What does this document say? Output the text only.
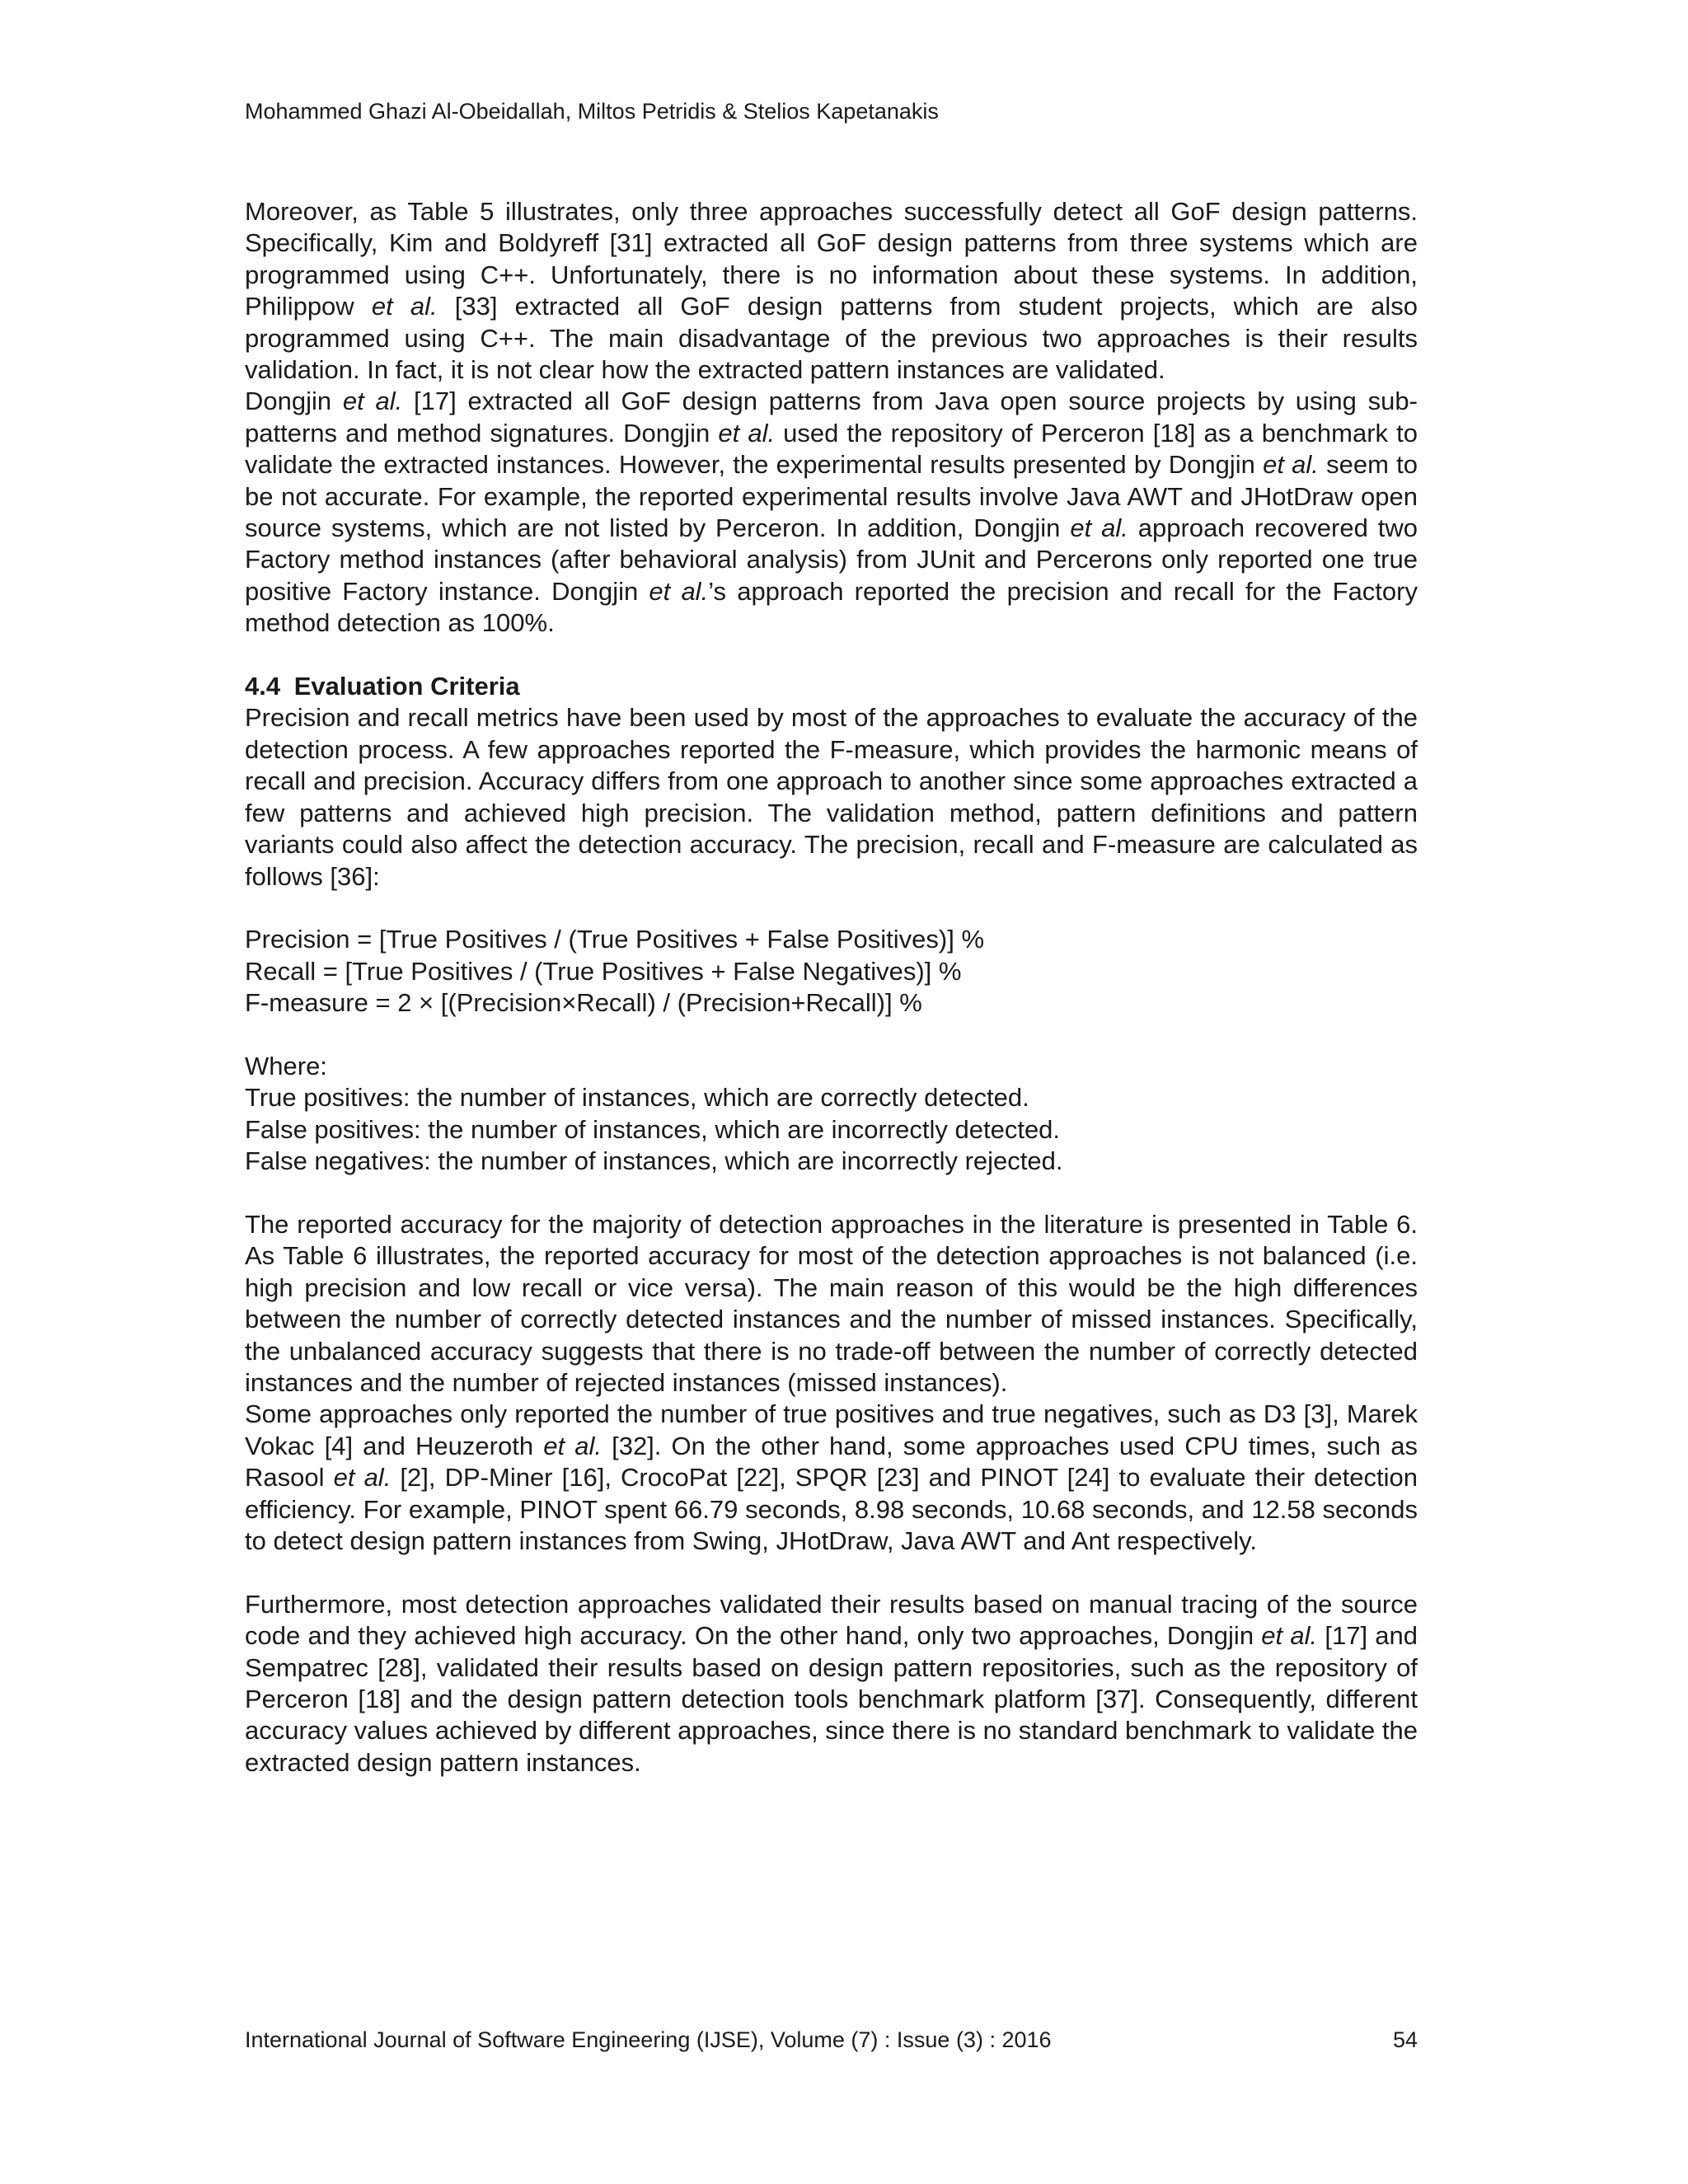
Mohammed Ghazi Al-Obeidallah, Miltos Petridis & Stelios Kapetanakis

Moreover, as Table 5 illustrates, only three approaches successfully detect all GoF design patterns. Specifically, Kim and Boldyreff [31] extracted all GoF design patterns from three systems which are programmed using C++. Unfortunately, there is no information about these systems. In addition, Philippow et al. [33] extracted all GoF design patterns from student projects, which are also programmed using C++. The main disadvantage of the previous two approaches is their results validation. In fact, it is not clear how the extracted pattern instances are validated.

Dongjin et al. [17] extracted all GoF design patterns from Java open source projects by using sub-patterns and method signatures. Dongjin et al. used the repository of Perceron [18] as a benchmark to validate the extracted instances. However, the experimental results presented by Dongjin et al. seem to be not accurate. For example, the reported experimental results involve Java AWT and JHotDraw open source systems, which are not listed by Perceron. In addition, Dongjin et al. approach recovered two Factory method instances (after behavioral analysis) from JUnit and Percerons only reported one true positive Factory instance. Dongjin et al.’s approach reported the precision and recall for the Factory method detection as 100%.

4.4 Evaluation Criteria

Precision and recall metrics have been used by most of the approaches to evaluate the accuracy of the detection process. A few approaches reported the F-measure, which provides the harmonic means of recall and precision. Accuracy differs from one approach to another since some approaches extracted a few patterns and achieved high precision. The validation method, pattern definitions and pattern variants could also affect the detection accuracy. The precision, recall and F-measure are calculated as follows [36]:

Precision = [True Positives / (True Positives + False Positives)] %
Recall = [True Positives / (True Positives + False Negatives)] %
F-measure = 2 × [(Precision×Recall) / (Precision+Recall)] %
Where:
True positives: the number of instances, which are correctly detected.
False positives: the number of instances, which are incorrectly detected.
False negatives: the number of instances, which are incorrectly rejected.

The reported accuracy for the majority of detection approaches in the literature is presented in Table 6. As Table 6 illustrates, the reported accuracy for most of the detection approaches is not balanced (i.e. high precision and low recall or vice versa). The main reason of this would be the high differences between the number of correctly detected instances and the number of missed instances. Specifically, the unbalanced accuracy suggests that there is no trade-off between the number of correctly detected instances and the number of rejected instances (missed instances).

Some approaches only reported the number of true positives and true negatives, such as D3 [3], Marek Vokac [4] and Heuzeroth et al. [32]. On the other hand, some approaches used CPU times, such as Rasool et al. [2], DP-Miner [16], CrocoPat [22], SPQR [23] and PINOT [24] to evaluate their detection efficiency. For example, PINOT spent 66.79 seconds, 8.98 seconds, 10.68 seconds, and 12.58 seconds to detect design pattern instances from Swing, JHotDraw, Java AWT and Ant respectively.

Furthermore, most detection approaches validated their results based on manual tracing of the source code and they achieved high accuracy. On the other hand, only two approaches, Dongjin et al. [17] and Sempatrec [28], validated their results based on design pattern repositories, such as the repository of Perceron [18] and the design pattern detection tools benchmark platform [37]. Consequently, different accuracy values achieved by different approaches, since there is no standard benchmark to validate the extracted design pattern instances.

International Journal of Software Engineering (IJSE), Volume (7) : Issue (3) : 2016	54
